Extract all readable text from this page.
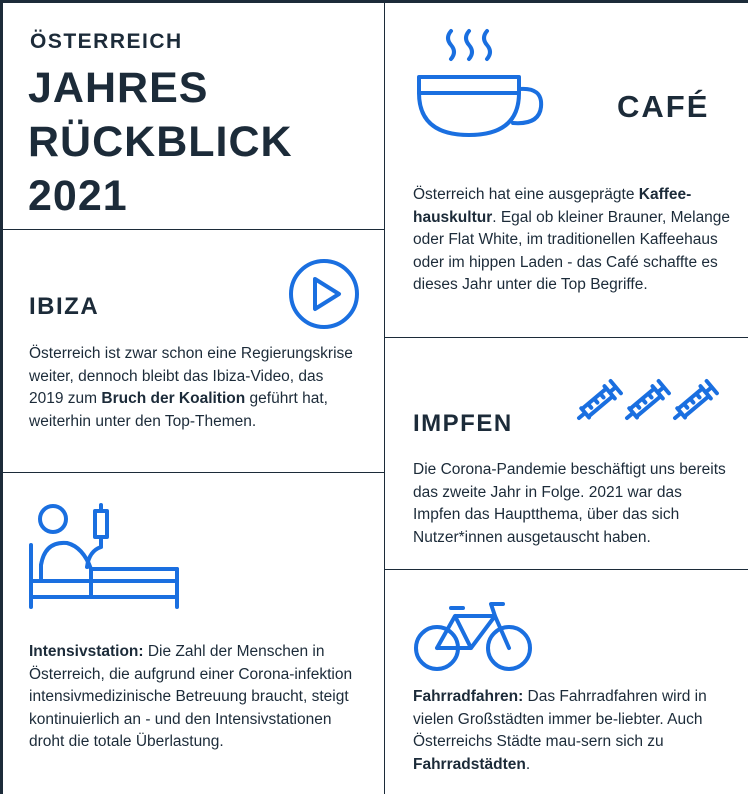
ÖSTERREICH
JAHRES
RÜCKBLICK
2021
IBIZA
Österreich ist zwar schon eine Regierungskrise weiter, dennoch bleibt das Ibiza-Video, das 2019 zum Bruch der Koalition geführt hat, weiterhin unter den Top-Themen.
Intensivstation: Die Zahl der Menschen in Österreich, die aufgrund einer Corona-infektion intensivmedizinische Betreuung braucht, steigt kontinuierlich an - und den Intensivstationen droht die totale Überlastung.
CAFÉ
Österreich hat eine ausgeprägte Kaffee-hauskultur. Egal ob kleiner Brauner, Melange oder Flat White, im traditionellen Kaffeehaus oder im hippen Laden - das Café schaffte es dieses Jahr unter die Top Begriffe.
IMPFEN
Die Corona-Pandemie beschäftigt uns bereits das zweite Jahr in Folge. 2021 war das Impfen das Hauptthema, über das sich Nutzer*innen ausgetauscht haben.
Fahrradfahren: Das Fahrradfahren wird in vielen Großstädten immer be-liebter. Auch Österreichs Städte mau-sern sich zu Fahrradstädten.
